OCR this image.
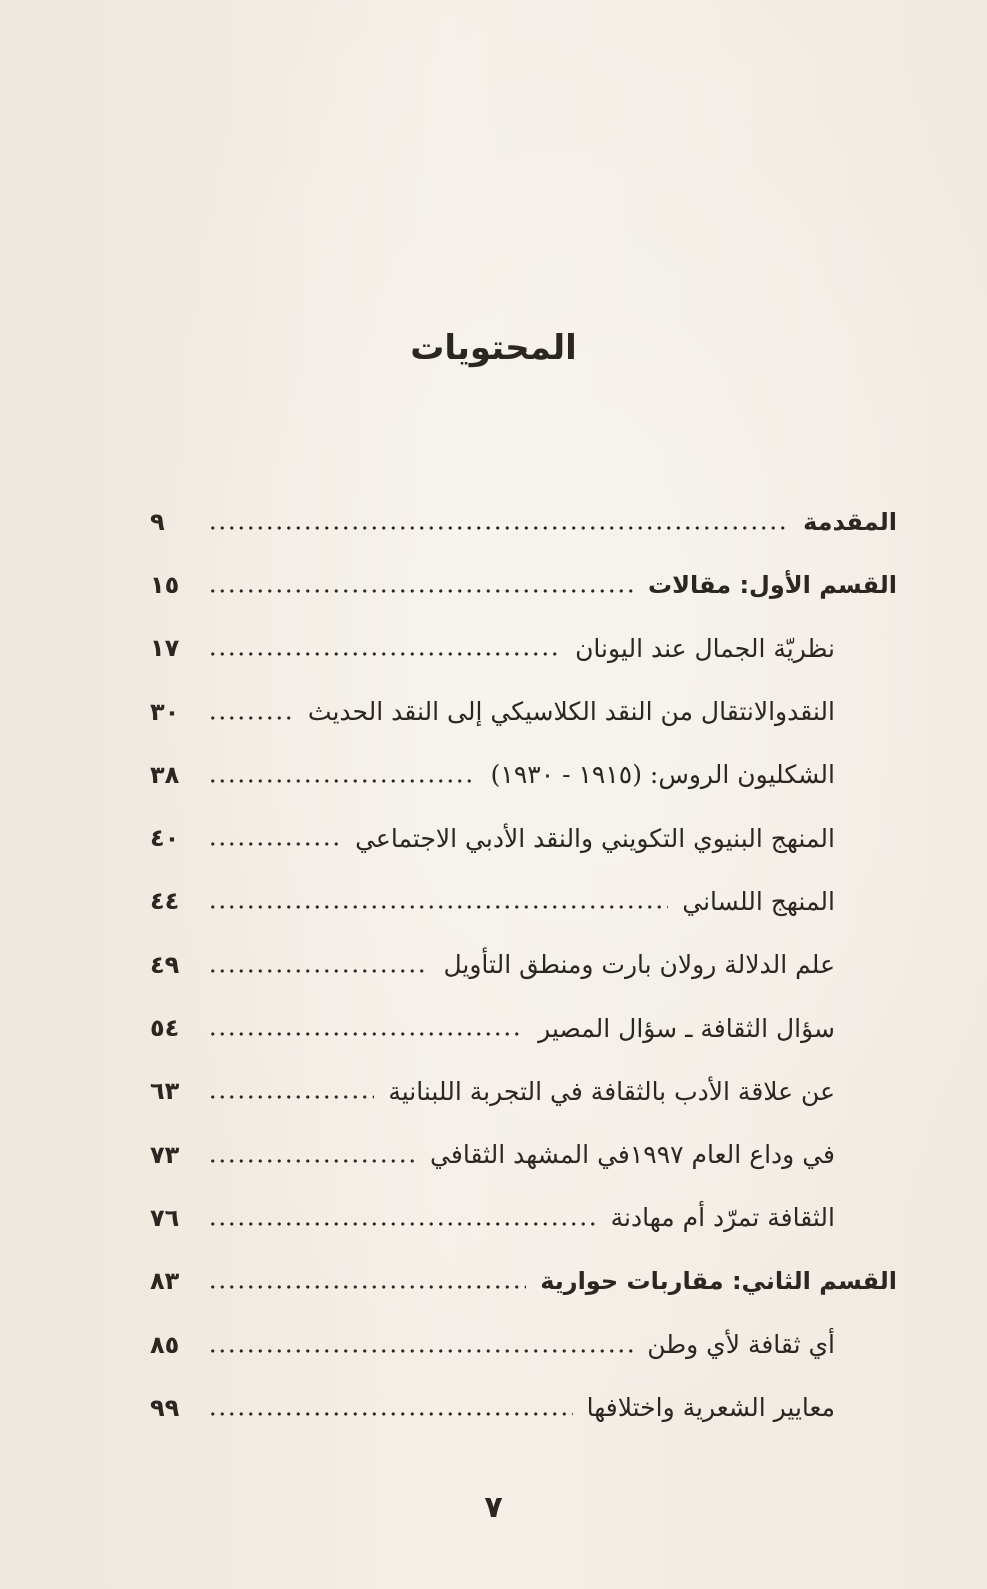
المحتويات
المقدمة
٩
القسم الأول: مقالات
١٥
نظريّة الجمال عند اليونان
١٧
النقدوالانتقال من النقد الكلاسيكي إلى النقد الحديث
٣٠
الشكليون الروس: (١٩١٥ - ١٩٣٠)
٣٨
المنهج البنيوي التكويني والنقد الأدبي الاجتماعي
٤٠
المنهج اللساني
٤٤
علم الدلالة رولان بارت ومنطق التأويل
٤٩
سؤال الثقافة ـ سؤال المصير
٥٤
عن علاقة الأدب بالثقافة في التجربة اللبنانية
٦٣
في وداع العام ١٩٩٧في المشهد الثقافي
٧٣
الثقافة تمرّد أم مهادنة
٧٦
القسم الثاني: مقاربات حوارية
٨٣
أي ثقافة لأي وطن
٨٥
معايير الشعرية واختلافها
٩٩
٧
